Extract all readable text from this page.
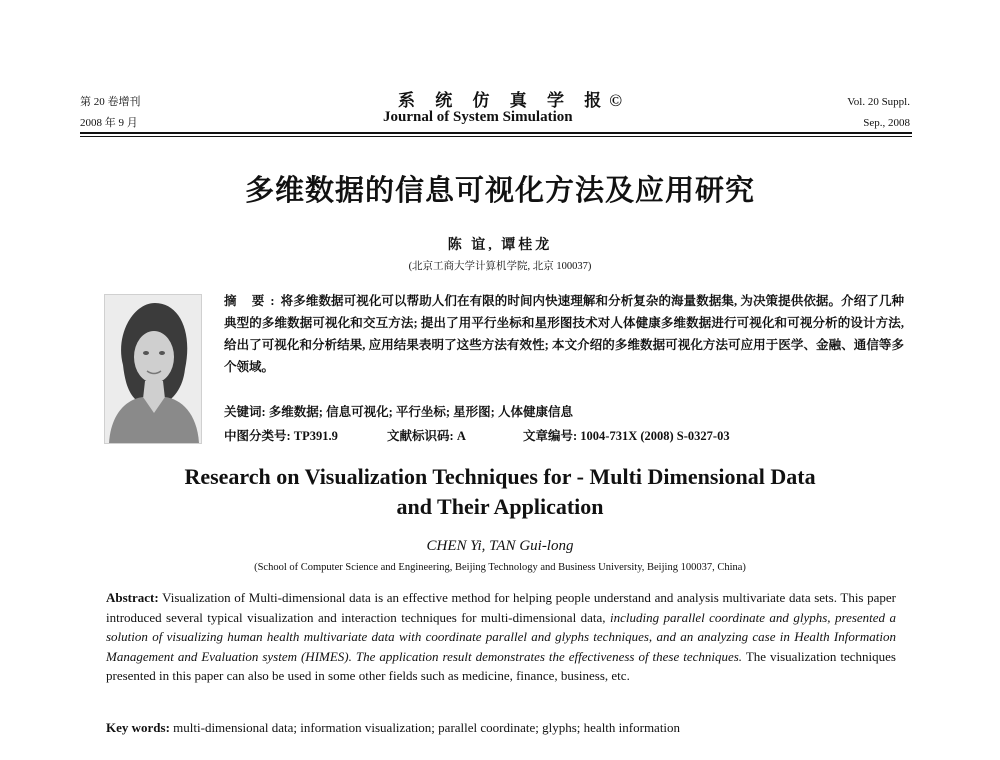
第 20 卷增刊
2008 年 9 月
系 统 仿 真 学 报©
Journal of System Simulation
Vol. 20 Suppl.
Sep., 2008
多维数据的信息可视化方法及应用研究
陈 谊, 谭桂龙
(北京工商大学计算机学院, 北京 100037)
摘 要:将多维数据可视化可以帮助人们在有限的时间内快速理解和分析复杂的海量数据集, 为决策提供依据。介绍了几种典型的多维数据可视化和交互方法; 提出了用平行坐标和星形图技术对人体健康多维数据进行可视化和可视分析的设计方法, 给出了可视化和分析结果, 应用结果表明了这些方法有效性; 本文介绍的多维数据可视化方法可应用于医学、金融、通信等多个领域。
关键词: 多维数据; 信息可视化; 平行坐标; 星形图; 人体健康信息
中图分类号: TP391.9	文献标识码: A	文章编号: 1004-731X (2008) S-0327-03
Research on Visualization Techniques for - Multi Dimensional Data
and Their Application
CHEN Yi, TAN Gui-long
(School of Computer Science and Engineering, Beijing Technology and Business University, Beijing 100037, China)
Abstract: Visualization of Multi-dimensional data is an effective method for helping people understand and analysis multivariate data sets. This paper introduced several typical visualization and interaction techniques for multi-dimensional data, including parallel coordinate and glyphs, presented a solution of visualizing human health multivariate data with coordinate parallel and glyphs techniques, and an analyzing case in Health Information Management and Evaluation system (HIMES). The application result demonstrates the effectiveness of these techniques. The visualization techniques presented in this paper can also be used in some other fields such as medicine, finance, business, etc.
Key words: multi-dimensional data; information visualization; parallel coordinate; glyphs; health information
